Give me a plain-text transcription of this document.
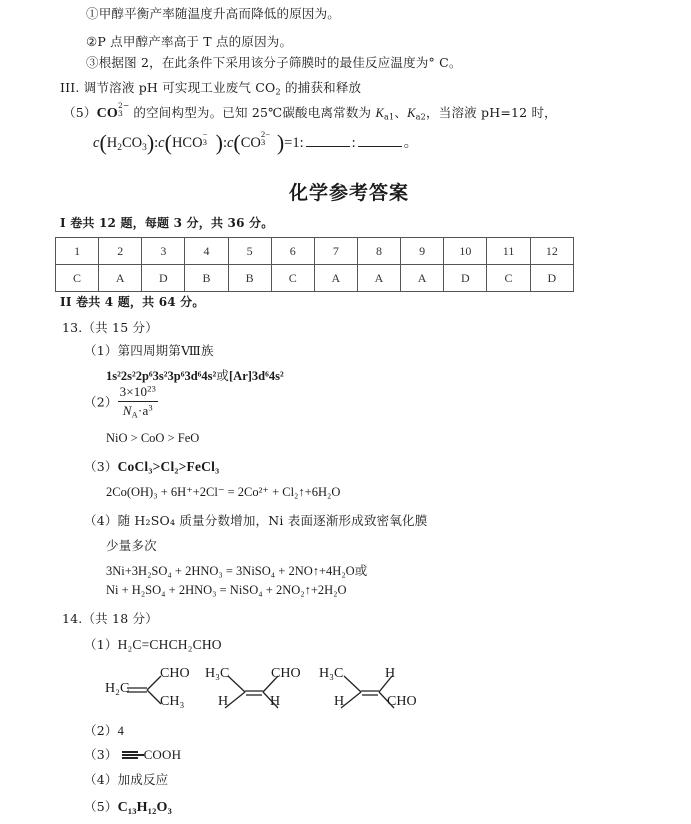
①甲醇平衡产率随温度升高而降低的原因为。
②P 点甲醇产率高于 T 点的原因为。
③根据图 2，在此条件下采用该分子筛膜时的最佳反应温度为° C。
III. 调节溶液 pH 可实现工业废气 $CO_2$ 的捕获和释放
（5）CO
2−
3 的空间构型为。已知 25℃碳酸电离常数为 $K_{a1}$、$K_{a2}$，当溶液 pH=12 时，
$c(H_2CO_3):c(HCO$
−
3 ):c(CO
2−
3 )=1:	:	。
化学参考答案
I 卷共 12 题，每题 3 分，共 36 分。
1	2	3	4	5	6	7	8	9	10	11	12
C	A	D	B	B	C	A	A	A	D	C	D
II 卷共 4 题，共 64 分。
13.（共 15 分）
（1）第四周期第Ⅷ族
1s²2s²2p⁶3s²3p⁶3d⁶4s²或[Ar]3d⁶4s²
$(2) \frac{3\times 10^{23}}{N_A\cdot a^3}$
NiO > CoO > FeO
（3）CoCl₃>Cl₂>FeCl₃
2Co(OH)₃ + 6H⁺+2Cl⁻ = 2Co²⁺ + Cl₂↑+6H₂O
（4）随 H₂SO₄ 质量分数增加，Ni 表面逐渐形成致密氧化膜
少量多次
3Ni+3H₂SO₄ + 2HNO₃ = 3NiSO₄ + 2NO↑+4H₂O或
Ni + H₂SO₄ + 2HNO₃ = NiSO₄ + 2NO₂↑+2H₂O
14.（共 18 分）
（1）H₂C=CHCH₂CHO
H₂C
CHO
CH₃
H₃C	CHO
H	H
H₃C	H
H	CHO
（2）4
（3） COOH
（4）加成反应
（5）C₁₃H₁₂O₃
